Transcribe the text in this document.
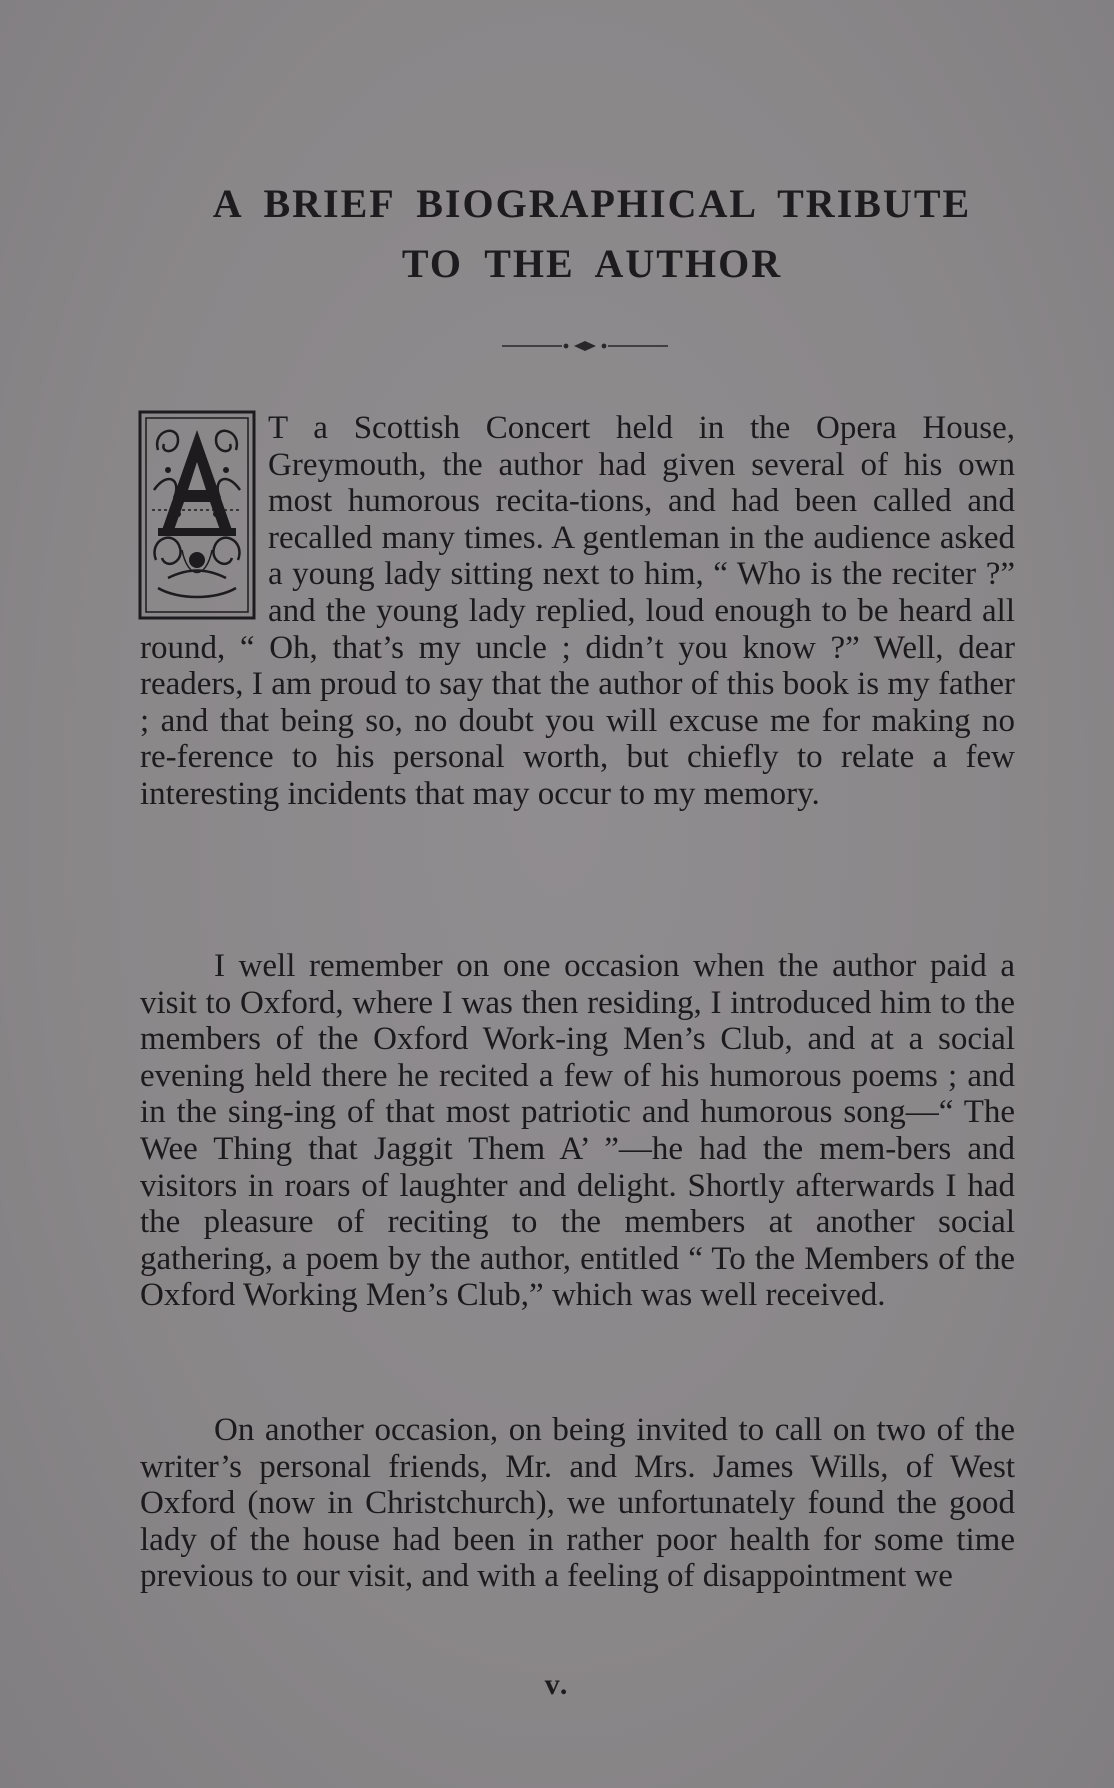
A BRIEF BIOGRAPHICAL TRIBUTE
TO THE AUTHOR

T a Scottish Concert held in the Opera House, Greymouth, the author had given several of his own most humorous recita-tions, and had been called and recalled many times. A gentleman in the audience asked a young lady sitting next to him, “ Who is the reciter ?” and the young lady replied, loud enough to be heard all round, “ Oh, that’s my uncle ; didn’t you know ?” Well, dear readers, I am proud to say that the author of this book is my father ; and that being so, no doubt you will excuse me for making no re-ference to his personal worth, but chiefly to relate a few interesting incidents that may occur to my memory.

I well remember on one occasion when the author paid a visit to Oxford, where I was then residing, I introduced him to the members of the Oxford Work-ing Men’s Club, and at a social evening held there he recited a few of his humorous poems ; and in the sing-ing of that most patriotic and humorous song—“ The Wee Thing that Jaggit Them A’ ”—he had the mem-bers and visitors in roars of laughter and delight. Shortly afterwards I had the pleasure of reciting to the members at another social gathering, a poem by the author, entitled “ To the Members of the Oxford Working Men’s Club,” which was well received.

On another occasion, on being invited to call on two of the writer’s personal friends, Mr. and Mrs. James Wills, of West Oxford (now in Christchurch), we unfortunately found the good lady of the house had been in rather poor health for some time previous to our visit, and with a feeling of disappointment we

v.
